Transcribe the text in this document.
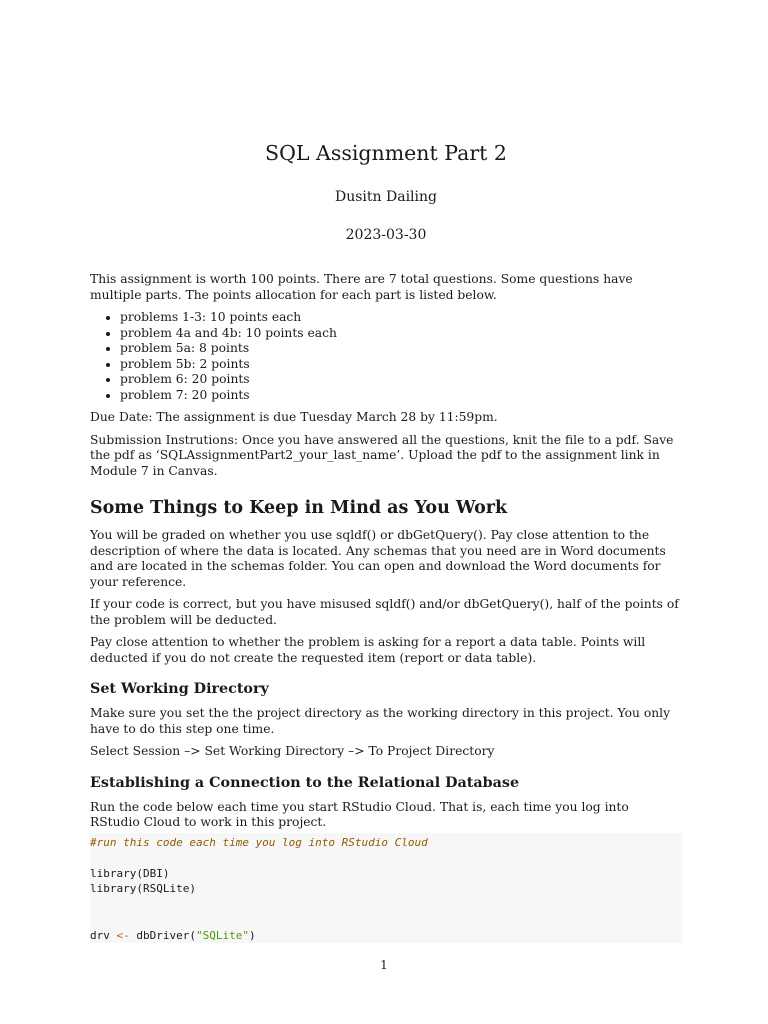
SQL Assignment Part 2
Dusitn Dailing
2023-03-30

This assignment is worth 100 points. There are 7 total questions. Some questions have multiple parts. The points allocation for each part is listed below.

• problems 1-3: 10 points each
• problem 4a and 4b: 10 points each
• problem 5a: 8 points
• problem 5b: 2 points
• problem 6: 20 points
• problem 7: 20 points

Due Date: The assignment is due Tuesday March 28 by 11:59pm.

Submission Instrutions: Once you have answered all the questions, knit the file to a pdf. Save the pdf as ‘SQLAssignmentPart2_your_last_name’. Upload the pdf to the assignment link in Module 7 in Canvas.

Some Things to Keep in Mind as You Work

You will be graded on whether you use sqldf() or dbGetQuery(). Pay close attention to the description of where the data is located. Any schemas that you need are in Word documents and are located in the schemas folder. You can open and download the Word documents for your reference.

If your code is correct, but you have misused sqldf() and/or dbGetQuery(), half of the points of the problem will be deducted.

Pay close attention to whether the problem is asking for a report a data table. Points will deducted if you do not create the requested item (report or data table).

Set Working Directory

Make sure you set the the project directory as the working directory in this project. You only have to do this step one time.

Select Session –> Set Working Directory –> To Project Directory

Establishing a Connection to the Relational Database

Run the code below each time you start RStudio Cloud. That is, each time you log into RStudio Cloud to work in this project.

#run this code each time you log into RStudio Cloud

library(DBI)
library(RSQLite)

drv <- dbDriver("SQLite")
1
